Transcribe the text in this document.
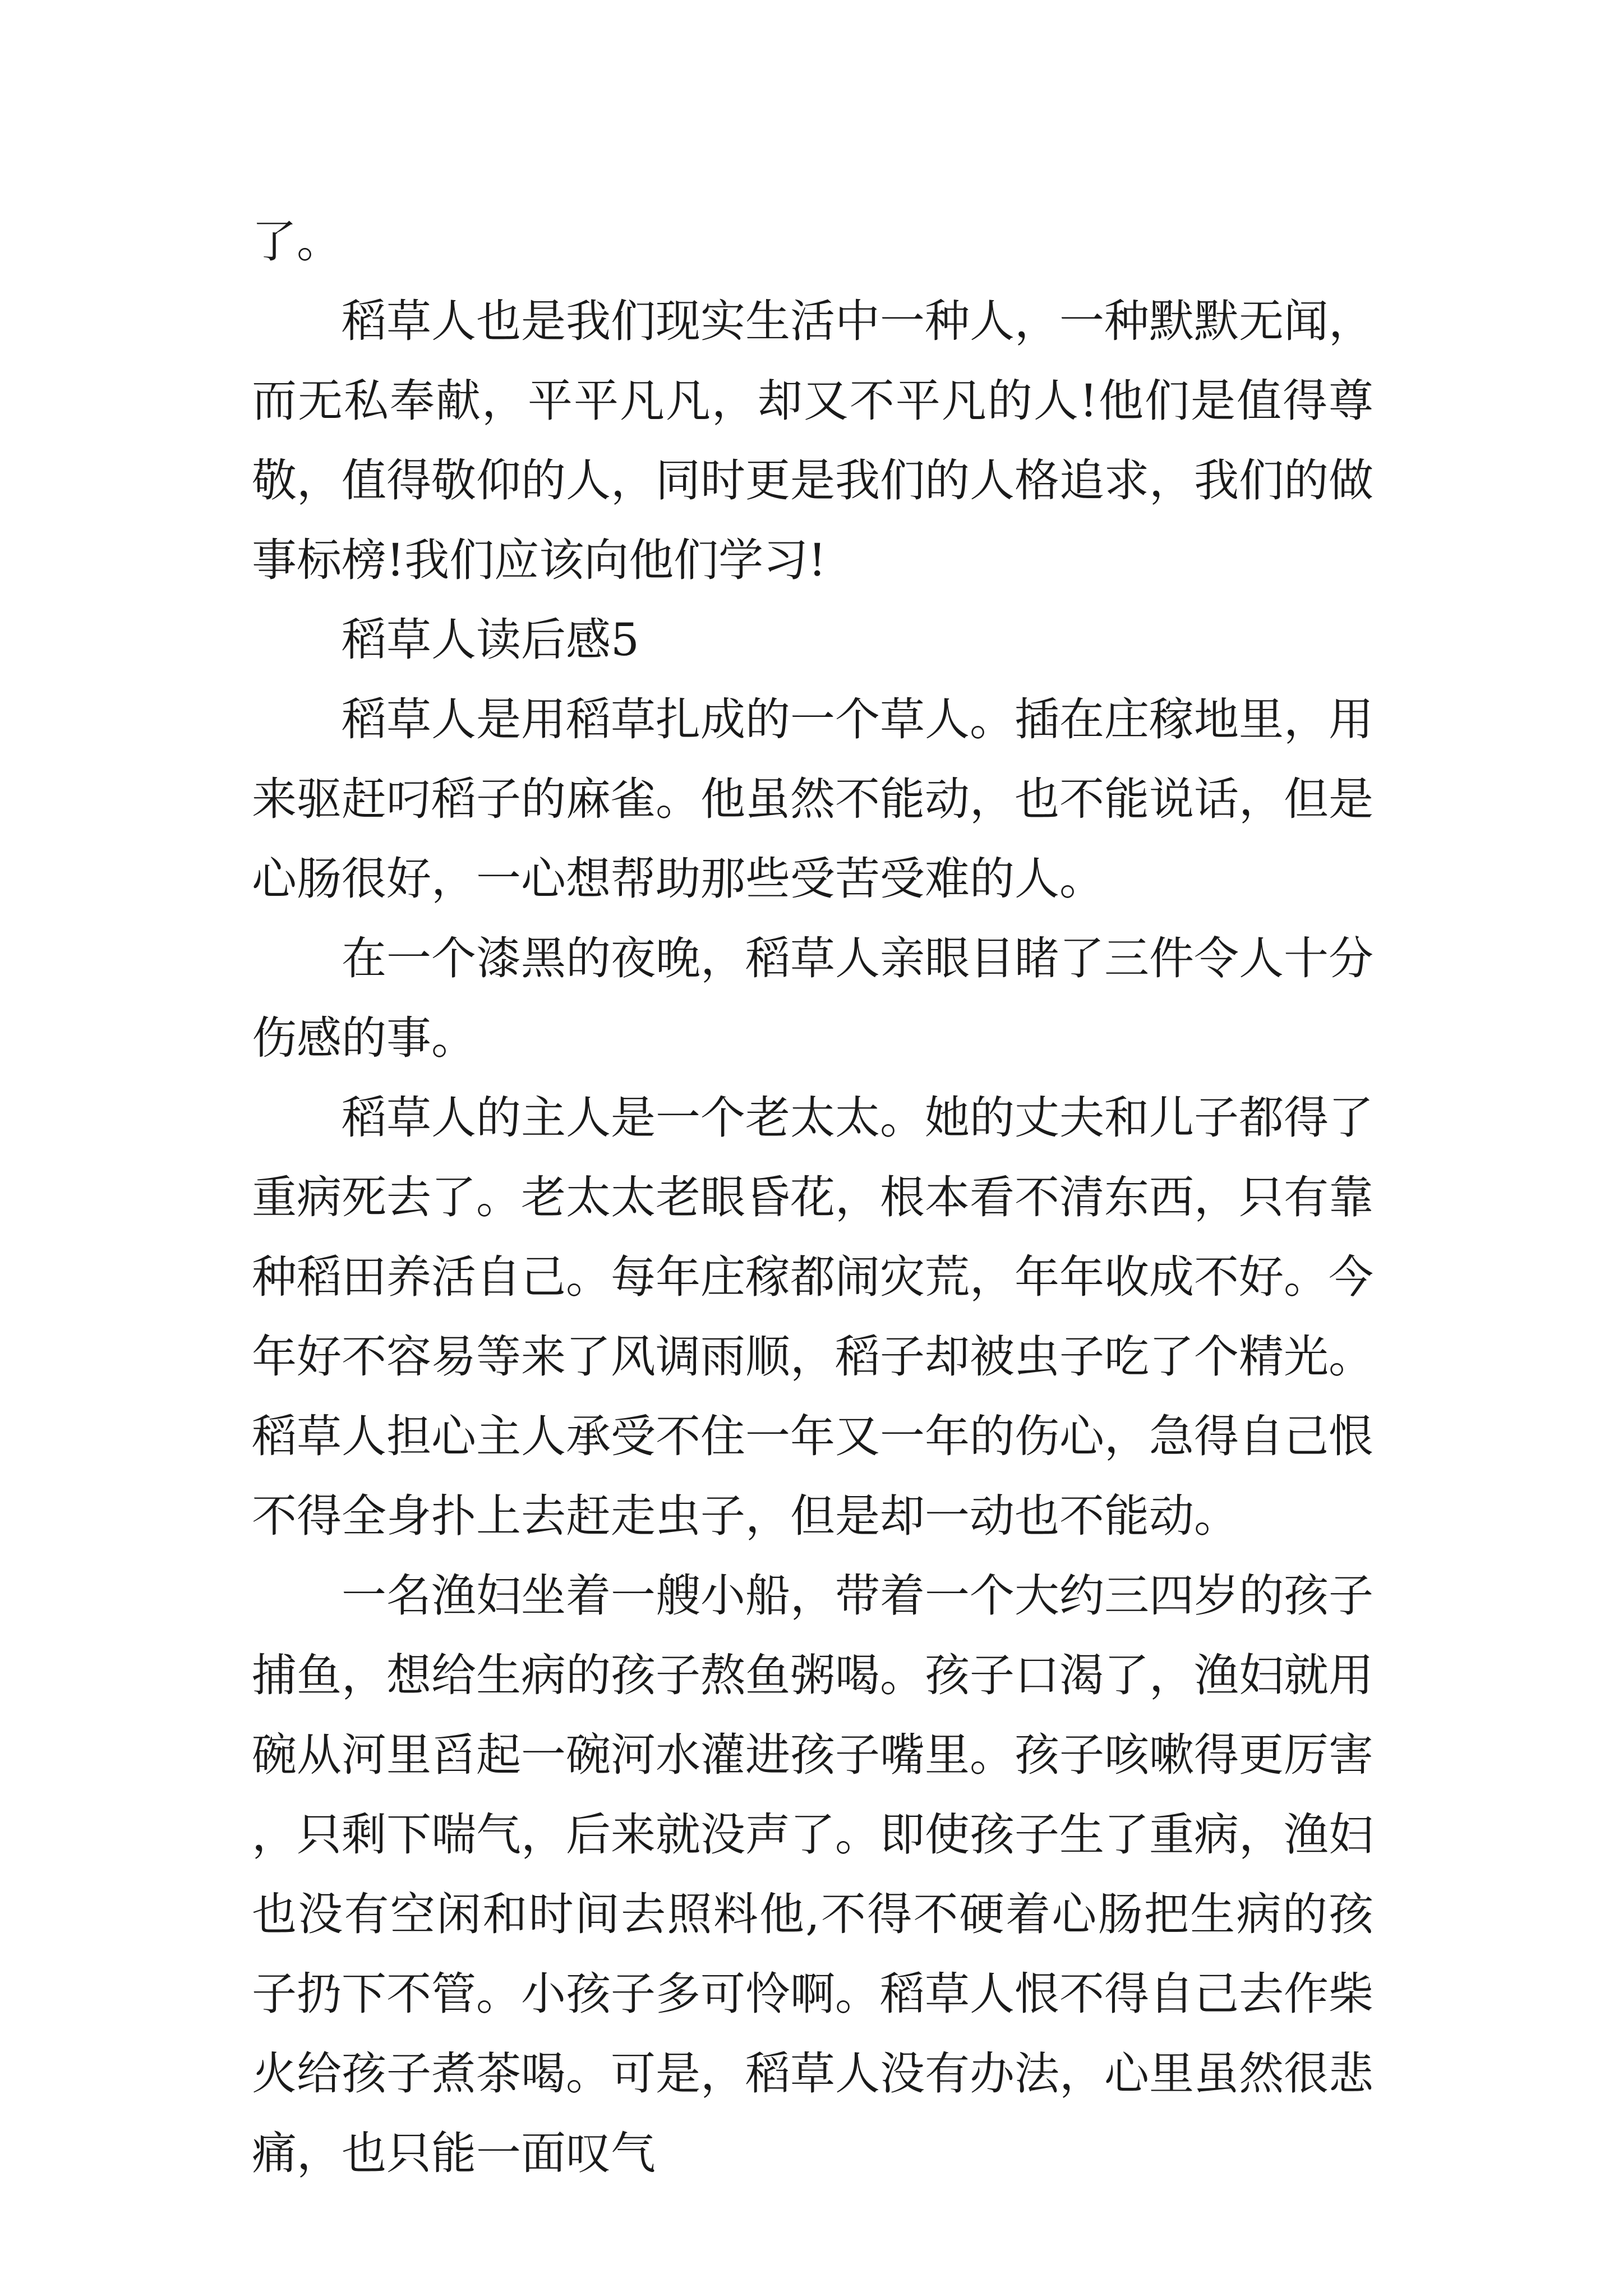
了。

稻草人也是我们现实生活中一种人，一种默默无闻，而无私奉献，平平凡凡，却又不平凡的人!他们是值得尊敬，值得敬仰的人，同时更是我们的人格追求，我们的做事标榜!我们应该向他们学习!

稻草人读后感5

稻草人是用稻草扎成的一个草人。插在庄稼地里，用来驱赶叼稻子的麻雀。他虽然不能动，也不能说话，但是心肠很好，一心想帮助那些受苦受难的人。

在一个漆黑的夜晚，稻草人亲眼目睹了三件令人十分伤感的事。

稻草人的主人是一个老太太。她的丈夫和儿子都得了重病死去了。老太太老眼昏花，根本看不清东西，只有靠种稻田养活自己。每年庄稼都闹灾荒，年年收成不好。今年好不容易等来了风调雨顺，稻子却被虫子吃了个精光。稻草人担心主人承受不住一年又一年的伤心，急得自己恨不得全身扑上去赶走虫子，但是却一动也不能动。

一名渔妇坐着一艘小船，带着一个大约三四岁的孩子捕鱼，想给生病的孩子熬鱼粥喝。孩子口渴了，渔妇就用碗从河里舀起一碗河水灌进孩子嘴里。孩子咳嗽得更厉害，只剩下喘气，后来就没声了。即使孩子生了重病，渔妇也没有空闲和时间去照料他,不得不硬着心肠把生病的孩子扔下不管。小孩子多可怜啊。稻草人恨不得自己去作柴火给孩子煮茶喝。可是，稻草人没有办法，心里虽然很悲痛，也只能一面叹气
